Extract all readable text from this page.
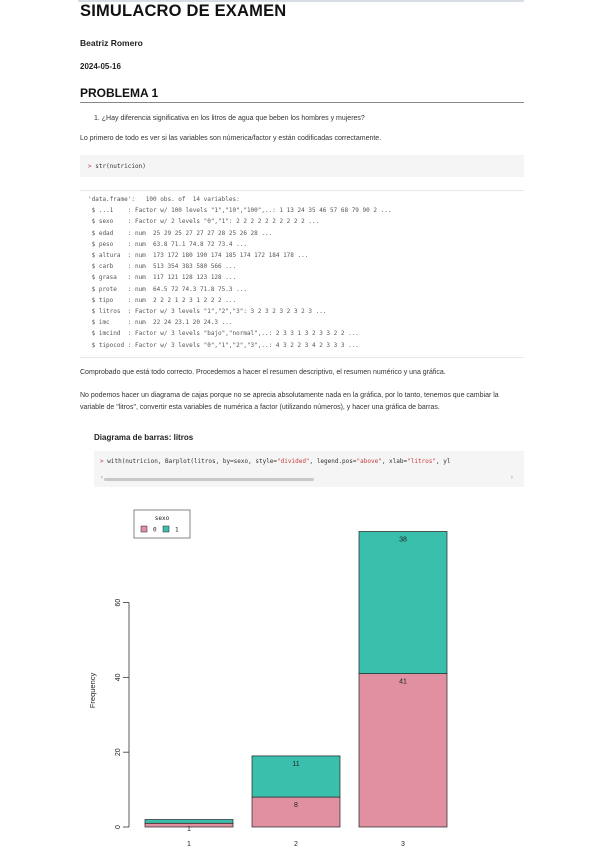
SIMULACRO DE EXAMEN
Beatriz Romero
2024-05-16
PROBLEMA 1
1. ¿Hay diferencia significativa en los litros de agua que beben los hombres y mujeres?
Lo primero de todo es ver si las variables son númerica/factor y están codificadas correctamente.
> str(nutricion)
'data.frame':   100 obs. of  14 variables:
$ ...1    : Factor w/ 100 levels "1","10","100",..: 1 13 24 35 46 57 68 79 90 2 ...
$ sexo    : Factor w/ 2 levels "0","1": 2 2 2 2 2 2 2 2 2 2 ...
$ edad    : num  25 29 25 27 27 27 28 25 26 28 ...
$ peso    : num  63.8 71.1 74.8 72 73.4 ...
$ altura  : num  173 172 180 190 174 185 174 172 184 178 ...
$ carb    : num  513 354 383 580 566 ...
$ grasa   : num  117 121 128 123 128 ...
$ prote   : num  64.5 72 74.3 71.8 75.3 ...
$ tipo    : num  2 2 2 1 2 3 1 2 2 2 ...
$ litros  : Factor w/ 3 levels "1","2","3": 3 2 3 2 3 2 3 2 3 ...
$ imc     : num  22 24 23.1 20 24.3 ...
$ imcind  : Factor w/ 3 levels "bajo","normal",..: 2 3 3 1 3 2 3 3 2 2 ...
$ tipocod : Factor w/ 3 levels "0","1","2","3",..: 4 3 2 2 3 4 2 3 3 3 ...
Comprobado que está todo correcto. Procedemos a hacer el resumen descriptivo, el resumen numérico y una gráfica.
No podemos hacer un diagrama de cajas porque no se aprecia absolutamente nada en la gráfica, por lo tanto, tenemos que cambiar la variable de "litros", convertir esta variables de numérica a factor (utilizando números), y hacer una gráfica de barras.
Diagrama de barras: litros
> with(nutricion, Barplot(litros, by=sexo, style="divided", legend.pos="above", xlab="litros", yl
‹	›
0
20
40
60
Frequency
1
1
8
11
2
41
38
3
sexo
0	1
